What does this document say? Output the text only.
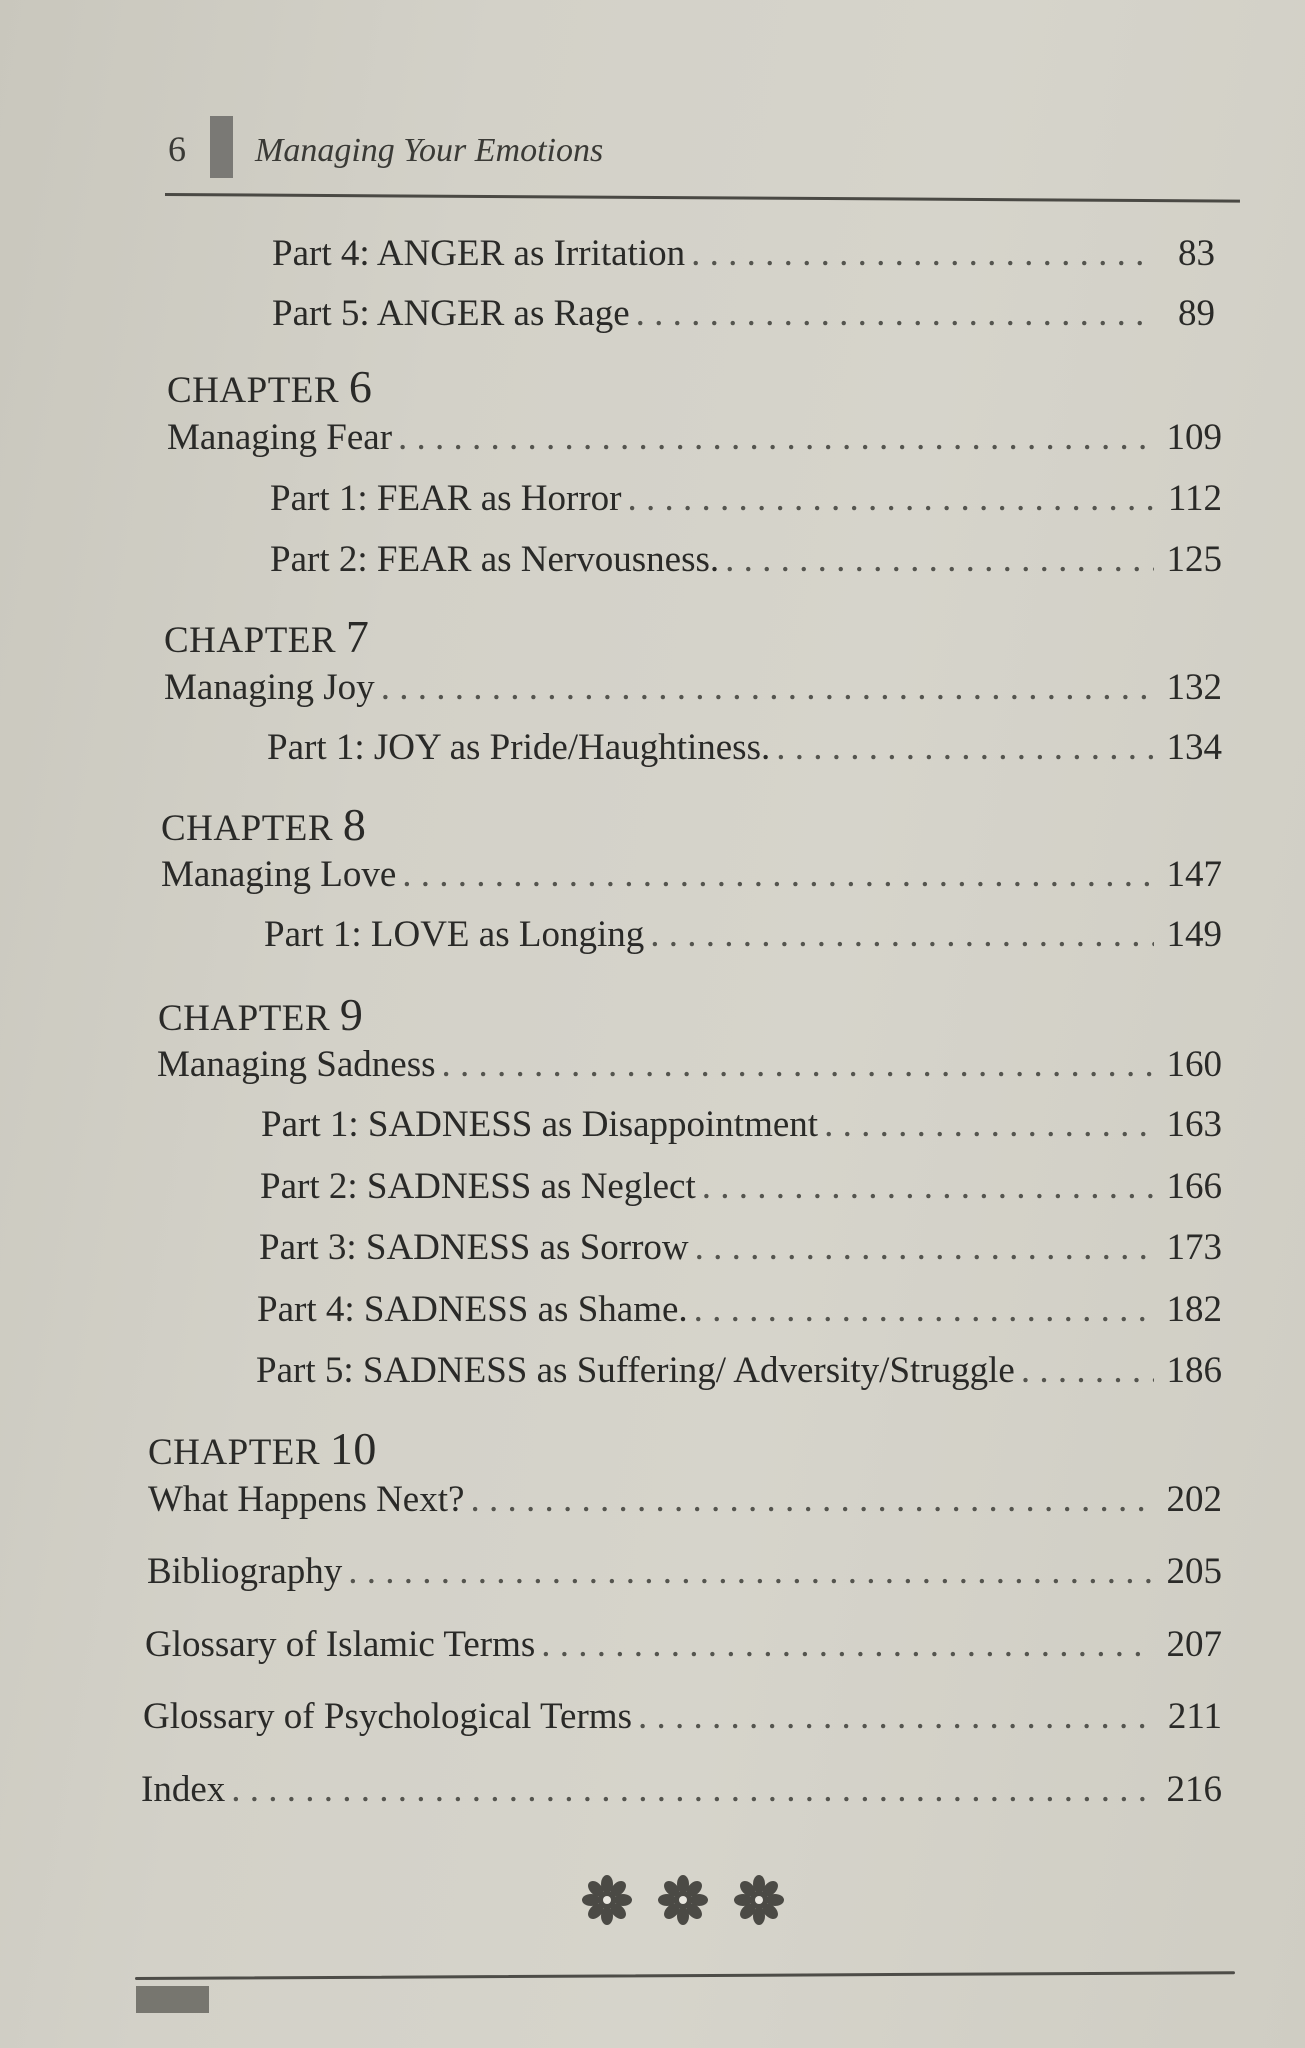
6 Managing Your Emotions
Part 4: ANGER as Irritation . . .	83
Part 5: ANGER as Rage . . .	89
CHAPTER 6
Managing Fear . . .	109
Part 1: FEAR as Horror . . .	112
Part 2: FEAR as Nervousness. . . .	125
CHAPTER 7
Managing Joy . . .	132
Part 1: JOY as Pride/Haughtiness. . . .	134
CHAPTER 8
Managing Love . . .	147
Part 1: LOVE as Longing . . .	149
CHAPTER 9
Managing Sadness . . .	160
Part 1: SADNESS as Disappointment . . .	163
Part 2: SADNESS as Neglect . . .	166
Part 3: SADNESS as Sorrow . . .	173
Part 4: SADNESS as Shame. . . .	182
Part 5: SADNESS as Suffering/ Adversity/Struggle . . .	186
CHAPTER 10
What Happens Next? . . .	202
Bibliography . . .	205
Glossary of Islamic Terms . . .	207
Glossary of Psychological Terms . . .	211
Index . . .	216
